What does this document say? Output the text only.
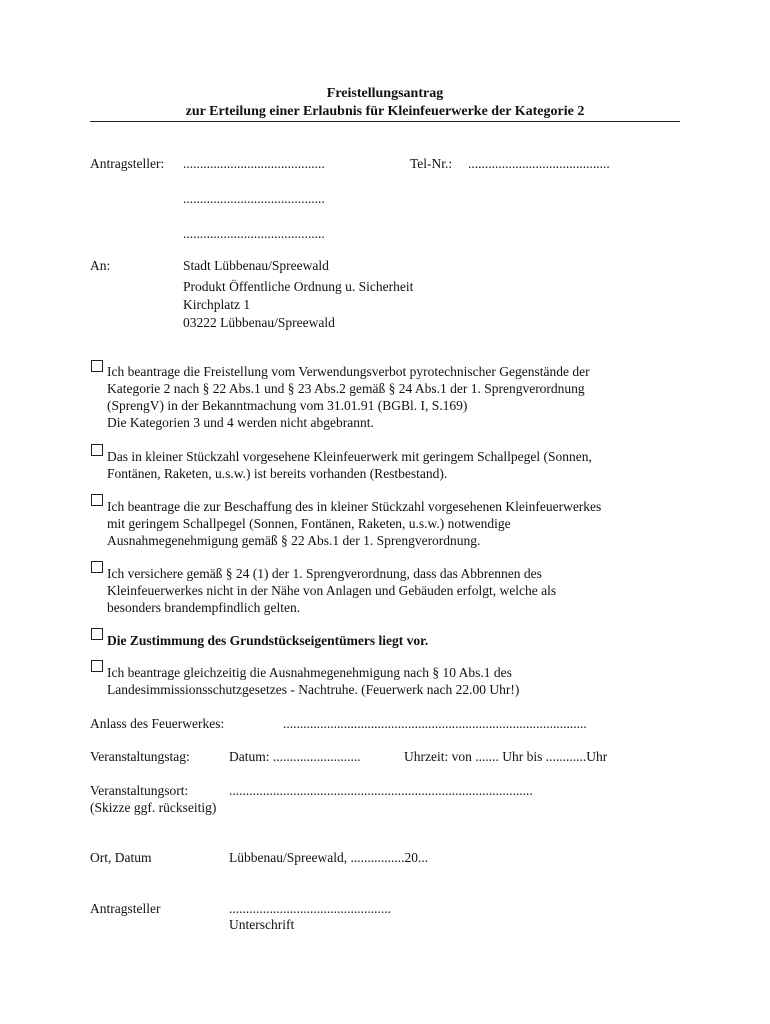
Freistellungsantrag
zur Erteilung einer Erlaubnis für Kleinfeuerwerke der Kategorie 2
Antragsteller: ..........................................	Tel-Nr.: ..........................................
..........................................
..........................................
An:	Stadt Lübbenau/Spreewald
Produkt Öffentliche Ordnung u. Sicherheit
Kirchplatz 1
03222 Lübbenau/Spreewald
Ich beantrage die Freistellung vom Verwendungsverbot pyrotechnischer Gegenstände der
Kategorie 2 nach § 22 Abs.1 und § 23 Abs.2 gemäß § 24 Abs.1 der 1. Sprengverordnung
(SprengV) in der Bekanntmachung vom 31.01.91 (BGBl. I, S.169)
Die Kategorien 3 und 4 werden nicht abgebrannt.
Das in kleiner Stückzahl vorgesehene Kleinfeuerwerk mit geringem Schallpegel (Sonnen,
Fontänen, Raketen, u.s.w.) ist bereits vorhanden (Restbestand).
Ich beantrage die zur Beschaffung des in kleiner Stückzahl vorgesehenen Kleinfeuerwerkes
mit geringem Schallpegel (Sonnen, Fontänen, Raketen, u.s.w.) notwendige
Ausnahmegenehmigung gemäß § 22 Abs.1 der 1. Sprengverordnung.
Ich versichere gemäß § 24 (1) der 1. Sprengverordnung, dass das Abbrennen des
Kleinfeuerwerkes nicht in der Nähe von Anlagen und Gebäuden erfolgt, welche als
besonders brandempfindlich gelten.
Die Zustimmung des Grundstückseigentümers liegt vor.
Ich beantrage gleichzeitig die Ausnahmegenehmigung nach § 10 Abs.1 des
Landesimmissionsschutzgesetzes - Nachtruhe. (Feuerwerk nach 22.00 Uhr!)
Anlass des Feuerwerkes:	..........................................................................................
Veranstaltungstag:	Datum: ..........................	Uhrzeit: von ....... Uhr bis ............Uhr
Veranstaltungsort:	..........................................................................................
(Skizze ggf. rückseitig)
Ort, Datum	Lübbenau/Spreewald, ................20...
Antragsteller	................................................
Unterschrift
